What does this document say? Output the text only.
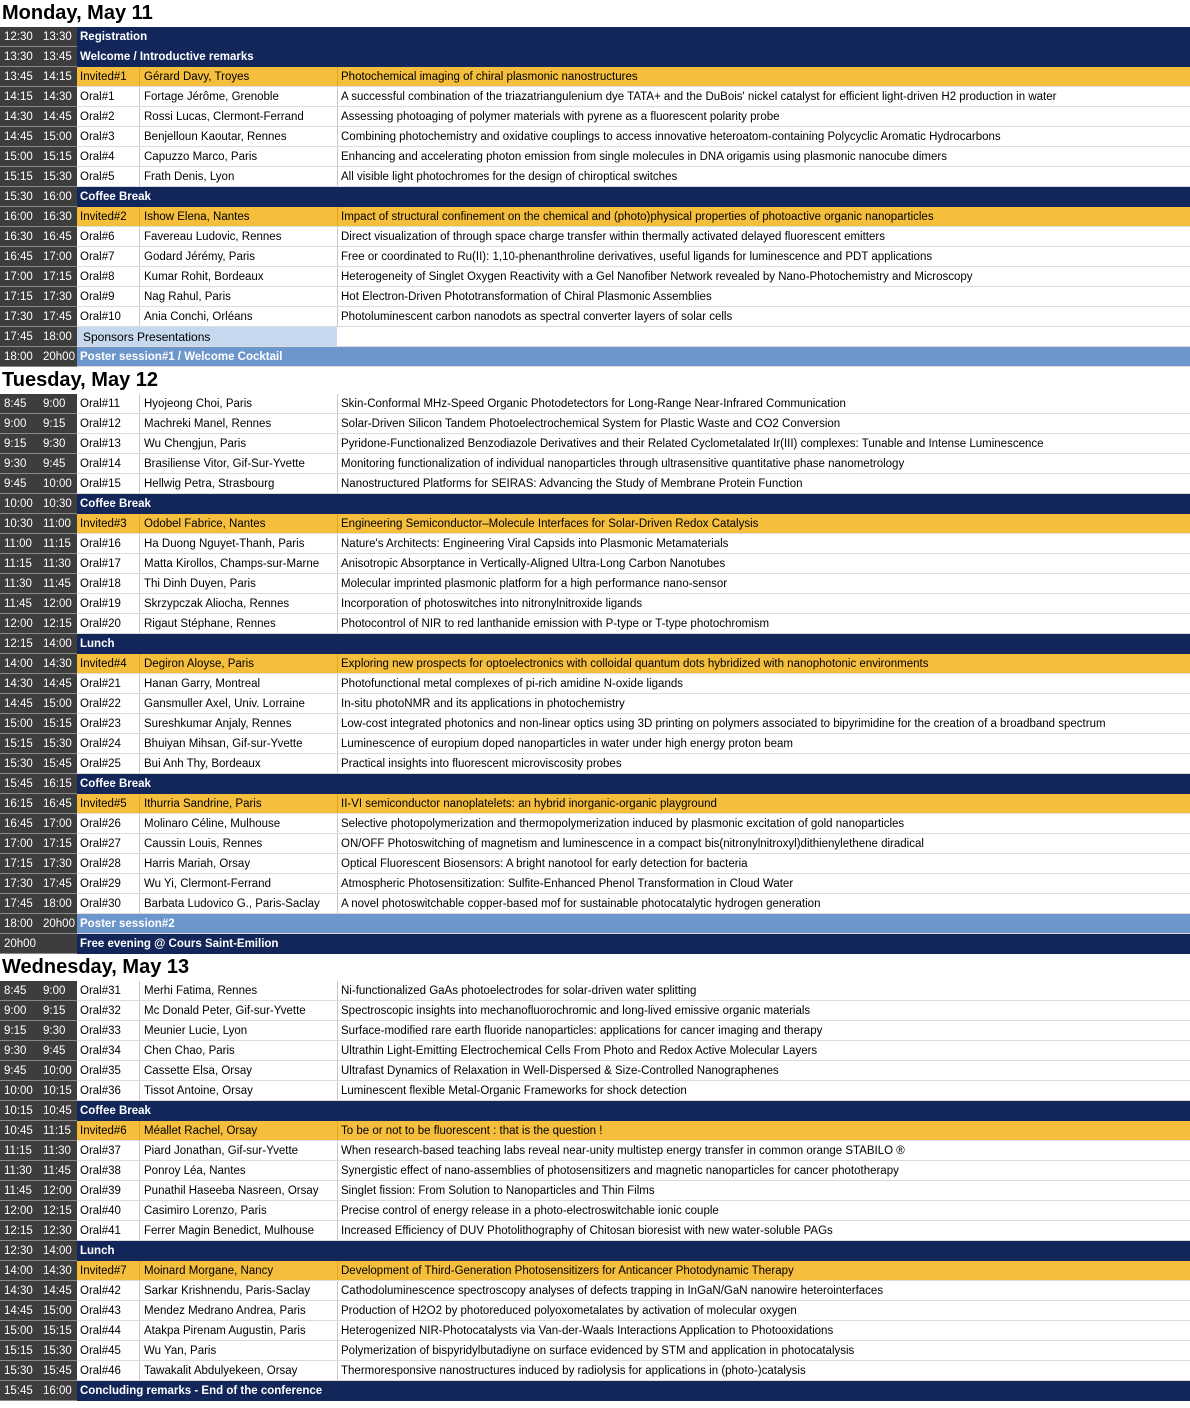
Monday, May 11
12:30 13:30 Registration
13:30 13:45 Welcome / Introductive remarks
13:45 14:15 Invited#1	Gérard Davy, Troyes	Photochemical imaging of chiral plasmonic nanostructures
14:15 14:30 Oral#1	Fortage Jérôme, Grenoble	A successful combination of the triazatriangulenium dye TATA+ and the DuBois' nickel catalyst for efficient light-driven H2 production in water
14:30 14:45 Oral#2	Rossi Lucas, Clermont-Ferrand	Assessing photoaging of polymer materials with pyrene as a fluorescent polarity probe
14:45 15:00 Oral#3	Benjelloun Kaoutar, Rennes	Combining photochemistry and oxidative couplings to access innovative heteroatom-containing Polycyclic Aromatic Hydrocarbons
15:00 15:15 Oral#4	Capuzzo Marco, Paris	Enhancing and accelerating photon emission from single molecules in DNA origamis using plasmonic nanocube dimers
15:15 15:30 Oral#5	Frath Denis, Lyon	All visible light photochromes for the design of chiroptical switches
15:30 16:00 Coffee Break
16:00 16:30 Invited#2	Ishow Elena, Nantes	Impact of structural confinement on the chemical and (photo)physical properties of photoactive organic nanoparticles
16:30 16:45 Oral#6	Favereau Ludovic, Rennes	Direct visualization of through space charge transfer within thermally activated delayed fluorescent emitters
16:45 17:00 Oral#7	Godard Jérémy, Paris	Free or coordinated to Ru(II): 1,10-phenanthroline derivatives, useful ligands for luminescence and PDT applications
17:00 17:15 Oral#8	Kumar Rohit, Bordeaux	Heterogeneity of Singlet Oxygen Reactivity with a Gel Nanofiber Network revealed by Nano-Photochemistry and Microscopy
17:15 17:30 Oral#9	Nag Rahul, Paris	Hot Electron-Driven Phototransformation of Chiral Plasmonic Assemblies
17:30 17:45 Oral#10	Ania Conchi, Orléans	Photoluminescent carbon nanodots as spectral converter layers of solar cells
17:45 18:00 Sponsors Presentations
18:00 20h00 Poster session#1 / Welcome Cocktail
Tuesday, May 12
8:45	9:00	Oral#11	Hyojeong Choi, Paris	Skin-Conformal MHz-Speed Organic Photodetectors for Long-Range Near-Infrared Communication
9:00	9:15	Oral#12	Machreki Manel, Rennes	Solar-Driven Silicon Tandem Photoelectrochemical System for Plastic Waste and CO2 Conversion
9:15	9:30	Oral#13	Wu Chengjun, Paris	Pyridone-Functionalized Benzodiazole Derivatives and their Related Cyclometalated Ir(III) complexes: Tunable and Intense Luminescence
9:30	9:45	Oral#14	Brasiliense Vitor, Gif-Sur-Yvette	Monitoring functionalization of individual nanoparticles through ultrasensitive quantitative phase nanometrology
9:45	10:00 Oral#15	Hellwig Petra, Strasbourg	Nanostructured Platforms for SEIRAS: Advancing the Study of Membrane Protein Function
10:00 10:30 Coffee Break
10:30 11:00 Invited#3	Odobel Fabrice, Nantes	Engineering Semiconductor–Molecule Interfaces for Solar-Driven Redox Catalysis
11:00 11:15 Oral#16	Ha Duong Nguyet-Thanh, Paris	Nature's Architects: Engineering Viral Capsids into Plasmonic Metamaterials
11:15 11:30 Oral#17	Matta Kirollos, Champs-sur-Marne	Anisotropic Absorptance in Vertically-Aligned Ultra-Long Carbon Nanotubes
11:30 11:45 Oral#18	Thi Dinh Duyen, Paris	Molecular imprinted plasmonic platform for a high performance nano-sensor
11:45 12:00 Oral#19	Skrzypczak Aliocha, Rennes	Incorporation of photoswitches into nitronylnitroxide ligands
12:00 12:15 Oral#20	Rigaut Stéphane, Rennes	Photocontrol of NIR to red lanthanide emission with P-type or T-type photochromism
12:15 14:00 Lunch
14:00 14:30 Invited#4	Degiron Aloyse, Paris	Exploring new prospects for optoelectronics with colloidal quantum dots hybridized with nanophotonic environments
14:30 14:45 Oral#21	Hanan Garry, Montreal	Photofunctional metal complexes of pi-rich amidine N-oxide ligands
14:45 15:00 Oral#22	Gansmuller Axel, Univ. Lorraine	In-situ photoNMR and its applications in photochemistry
15:00 15:15 Oral#23	Sureshkumar Anjaly, Rennes	Low-cost integrated photonics and non-linear optics using 3D printing on polymers associated to bipyrimidine for the creation of a broadband spectrum
15:15 15:30 Oral#24	Bhuiyan Mihsan, Gif-sur-Yvette	Luminescence of europium doped nanoparticles in water under high energy proton beam
15:30 15:45 Oral#25	Bui Anh Thy, Bordeaux	Practical insights into fluorescent microviscosity probes
15:45 16:15 Coffee Break
16:15 16:45 Invited#5	Ithurria Sandrine, Paris	II-VI semiconductor nanoplatelets: an hybrid inorganic-organic playground
16:45 17:00 Oral#26	Molinaro Céline, Mulhouse	Selective photopolymerization and thermopolymerization induced by plasmonic excitation of gold nanoparticles
17:00 17:15 Oral#27	Caussin Louis, Rennes	ON/OFF Photoswitching of magnetism and luminescence in a compact bis(nitronylnitroxyl)dithienylethene diradical
17:15 17:30 Oral#28	Harris Mariah, Orsay	Optical Fluorescent Biosensors: A bright nanotool for early detection for bacteria
17:30 17:45 Oral#29	Wu Yi, Clermont-Ferrand	Atmospheric Photosensitization: Sulfite-Enhanced Phenol Transformation in Cloud Water
17:45 18:00 Oral#30	Barbata Ludovico G., Paris-Saclay	A novel photoswitchable copper-based mof for sustainable photocatalytic hydrogen generation
18:00 20h00 Poster session#2
20h00	Free evening @ Cours Saint-Emilion
Wednesday, May 13
8:45	9:00	Oral#31	Merhi Fatima, Rennes	Ni-functionalized GaAs photoelectrodes for solar-driven water splitting
9:00	9:15	Oral#32	Mc Donald Peter, Gif-sur-Yvette	Spectroscopic insights into mechanofluorochromic and long-lived emissive organic materials
9:15	9:30	Oral#33	Meunier Lucie, Lyon	Surface-modified rare earth fluoride nanoparticles: applications for cancer imaging and therapy
9:30	9:45	Oral#34	Chen Chao, Paris	Ultrathin Light-Emitting Electrochemical Cells From Photo and Redox Active Molecular Layers
9:45	10:00 Oral#35	Cassette Elsa, Orsay	Ultrafast Dynamics of Relaxation in Well-Dispersed & Size-Controlled Nanographenes
10:00 10:15 Oral#36	Tissot Antoine, Orsay	Luminescent flexible Metal-Organic Frameworks for shock detection
10:15 10:45 Coffee Break
10:45 11:15 Invited#6	Méallet Rachel, Orsay	To be or not to be fluorescent : that is the question !
11:15 11:30 Oral#37	Piard Jonathan, Gif-sur-Yvette	When research-based teaching labs reveal near-unity multistep energy transfer in common orange STABILO ®
11:30 11:45 Oral#38	Ponroy Léa, Nantes	Synergistic effect of nano-assemblies of photosensitizers and magnetic nanoparticles for cancer phototherapy
11:45 12:00 Oral#39	Punathil Haseeba Nasreen, Orsay	Singlet fission: From Solution to Nanoparticles and Thin Films
12:00 12:15 Oral#40	Casimiro Lorenzo, Paris	Precise control of energy release in a photo-electroswitchable ionic couple
12:15 12:30 Oral#41	Ferrer Magin Benedict, Mulhouse	Increased Efficiency of DUV Photolithography of Chitosan bioresist with new water-soluble PAGs
12:30 14:00 Lunch
14:00 14:30 Invited#7	Moinard Morgane, Nancy	Development of Third-Generation Photosensitizers for Anticancer Photodynamic Therapy
14:30 14:45 Oral#42	Sarkar Krishnendu, Paris-Saclay	Cathodoluminescence spectroscopy analyses of defects trapping in InGaN/GaN nanowire heterointerfaces
14:45 15:00 Oral#43	Mendez Medrano Andrea, Paris	Production of H2O2 by photoreduced polyoxometalates by activation of molecular oxygen
15:00 15:15 Oral#44	Atakpa Pirenam Augustin, Paris	Heterogenized NIR-Photocatalysts via Van-der-Waals Interactions Application to Photooxidations
15:15 15:30 Oral#45	Wu Yan, Paris	Polymerization of bispyridylbutadiyne on surface evidenced by STM and application in photocatalysis
15:30 15:45 Oral#46	Tawakalit Abdulyekeen, Orsay	Thermoresponsive nanostructures induced by radiolysis for applications in (photo-)catalysis
15:45 16:00 Concluding remarks - End of the conference
